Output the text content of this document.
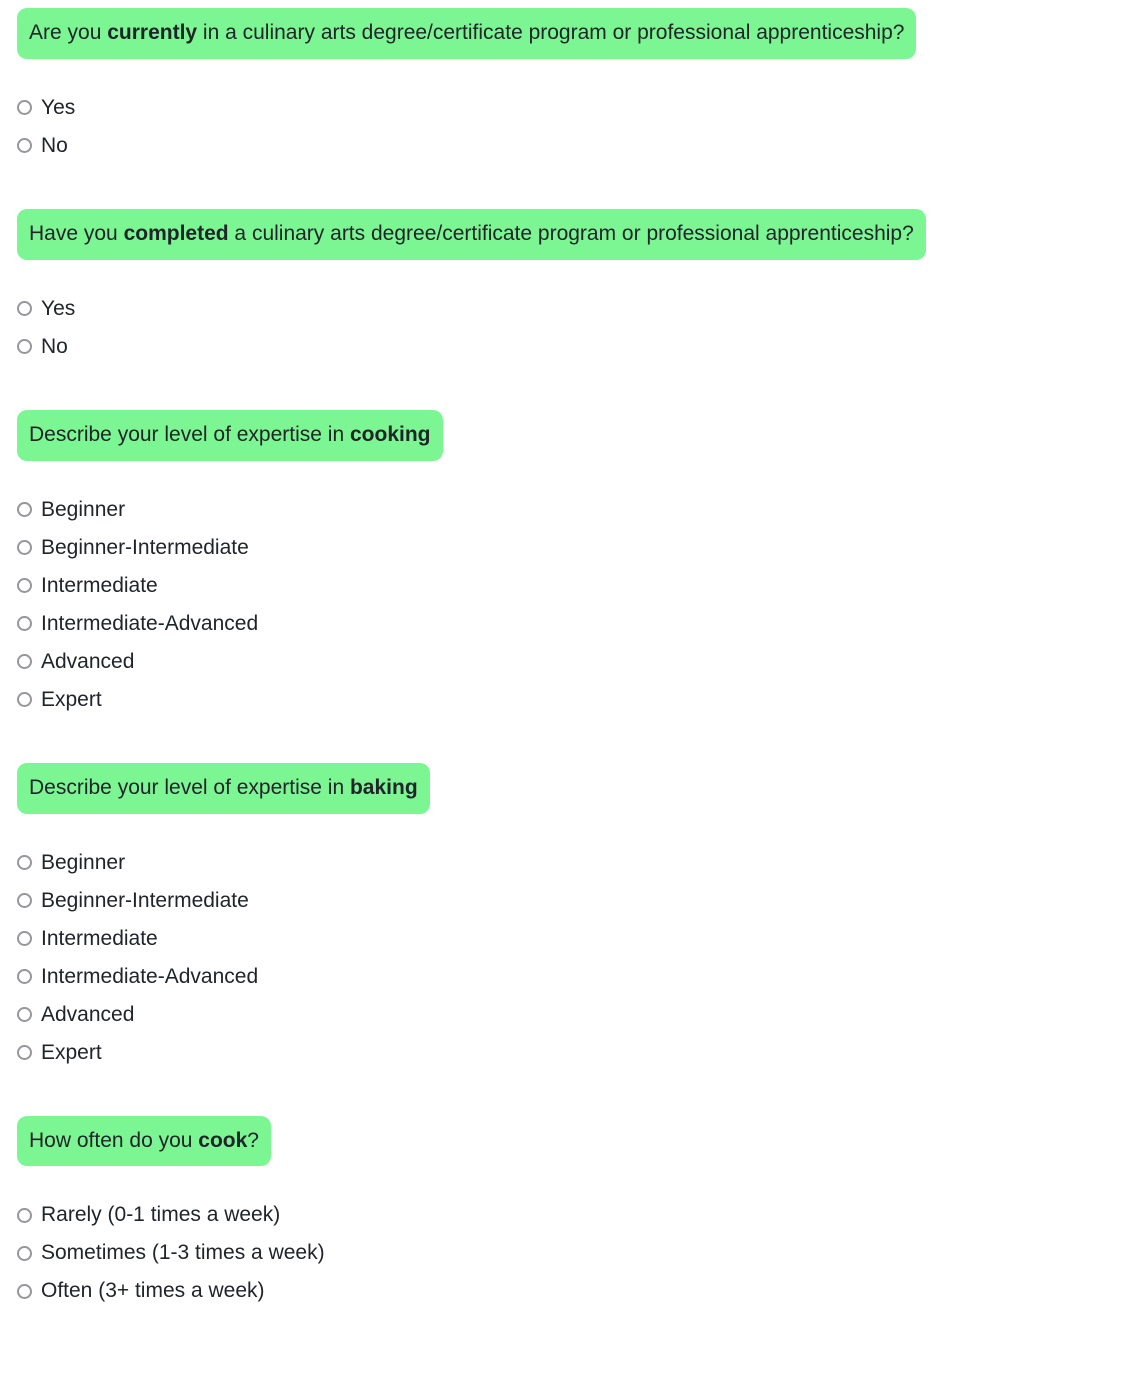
Are you currently in a culinary arts degree/certificate program or professional apprenticeship?
Yes
No
Have you completed a culinary arts degree/certificate program or professional apprenticeship?
Yes
No
Describe your level of expertise in cooking
Beginner
Beginner-Intermediate
Intermediate
Intermediate-Advanced
Advanced
Expert
Describe your level of expertise in baking
Beginner
Beginner-Intermediate
Intermediate
Intermediate-Advanced
Advanced
Expert
How often do you cook?
Rarely (0-1 times a week)
Sometimes (1-3 times a week)
Often (3+ times a week)
